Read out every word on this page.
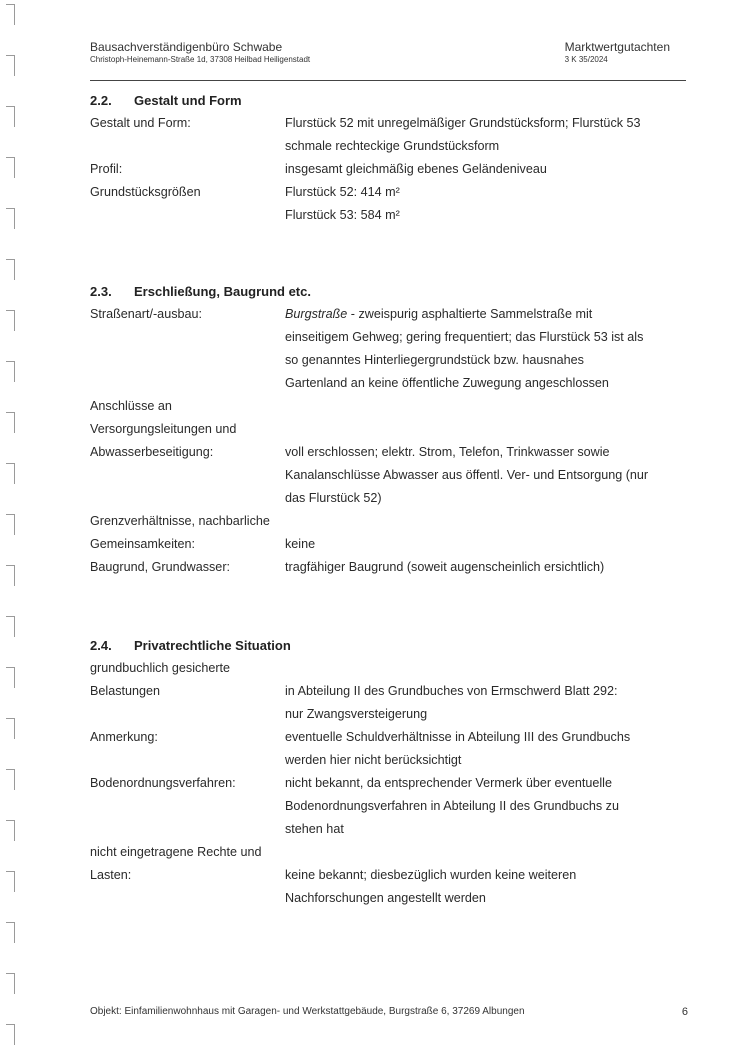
Bausachverständigenbüro Schwabe
Christoph-Heinemann-Straße 1d, 37308 Heilbad Heiligenstadt
Marktwertgutachten
3 K 35/2024
2.2. Gestalt und Form
Gestalt und Form:	Flurstück 52 mit unregelmäßiger Grundstücksform; Flurstück 53
schmale rechteckige Grundstücksform
Profil:	insgesamt gleichmäßig ebenes Geländeniveau
Grundstücksgrößen	Flurstück 52: 414 m²
Flurstück 53: 584 m²
2.3. Erschließung, Baugrund etc.
Straßenart/-ausbau:	Burgstraße - zweispurig asphaltierte Sammelstraße mit
einseitigem Gehweg; gering frequentiert; das Flurstück 53 ist als
so genanntes Hinterliegergrundstück bzw. hausnahes
Gartenland an keine öffentliche Zuwegung angeschlossen
Anschlüsse an
Versorgungsleitungen und
Abwasserbeseitigung:	voll erschlossen; elektr. Strom, Telefon, Trinkwasser sowie
Kanalanschlüsse Abwasser aus öffentl. Ver- und Entsorgung (nur
das Flurstück 52)
Grenzverhältnisse, nachbarliche
Gemeinsamkeiten:	keine
Baugrund, Grundwasser:	tragfähiger Baugrund (soweit augenscheinlich ersichtlich)
2.4. Privatrechtliche Situation
grundbuchlich gesicherte
Belastungen	in Abteilung II des Grundbuches von Ermschwerd Blatt 292:
nur Zwangsversteigerung
Anmerkung:	eventuelle Schuldverhältnisse in Abteilung III des Grundbuchs
werden hier nicht berücksichtigt
Bodenordnungsverfahren:	nicht bekannt, da entsprechender Vermerk über eventuelle
Bodenordnungsverfahren in Abteilung II des Grundbuchs zu
stehen hat
nicht eingetragene Rechte und
Lasten:	keine bekannt; diesbezüglich wurden keine weiteren
Nachforschungen angestellt werden
Objekt: Einfamilienwohnhaus mit Garagen- und Werkstattgebäude, Burgstraße 6, 37269 Albungen	6
